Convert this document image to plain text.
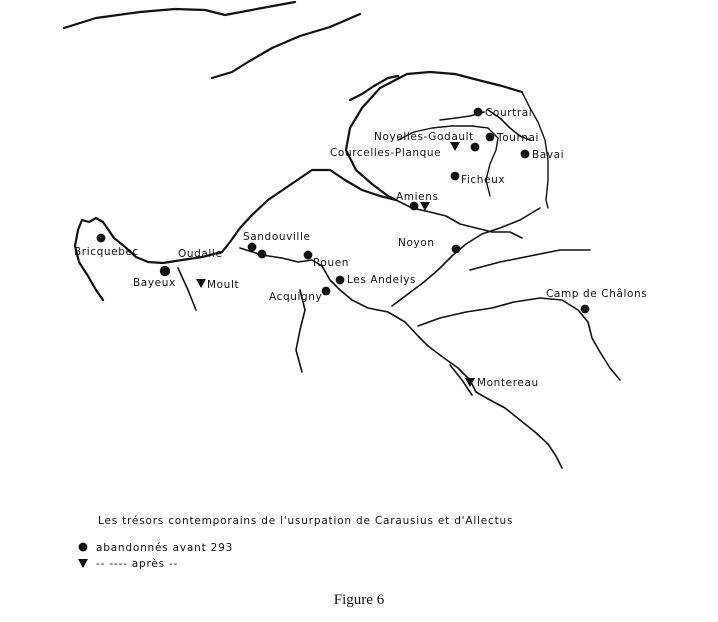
Courtrai
Noyelles-Godault Tournai
Courcelles-Planque	Bavai
Ficheux
Amiens
Bricquebec
Sandouville
Oudalle
Noyon
Rouen
Bayeux	Moult	Les Andelys
Acquigny	Camp de Châlons
Montereau
Les trésors contemporains de l'usurpation de Carausius et d'Allectus
abandonnés avant 293
-- ---- après --
Figure 6
